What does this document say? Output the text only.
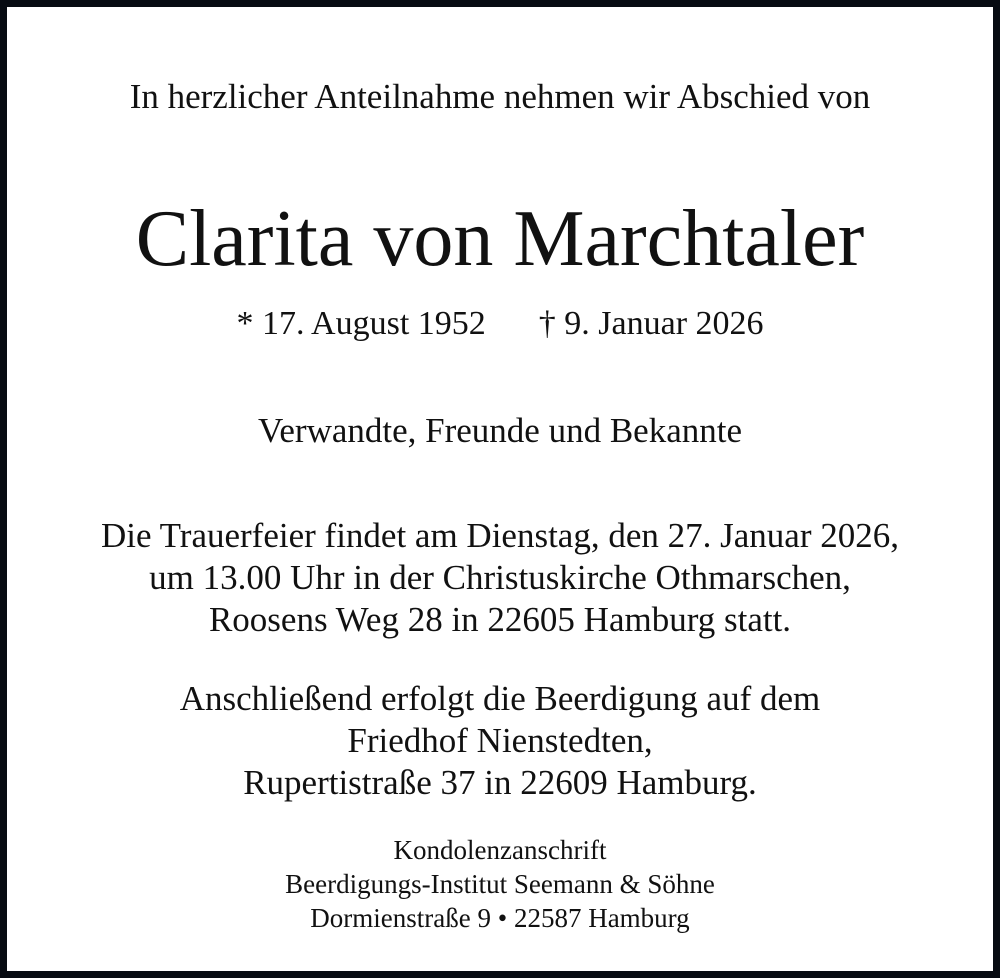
In herzlicher Anteilnahme nehmen wir Abschied von
Clarita von Marchtaler
* 17. August 1952 † 9. Januar 2026
Verwandte, Freunde und Bekannte
Die Trauerfeier findet am Dienstag, den 27. Januar 2026,
um 13.00 Uhr in der Christuskirche Othmarschen,
Roosens Weg 28 in 22605 Hamburg statt.
Anschließend erfolgt die Beerdigung auf dem
Friedhof Nienstedten,
Rupertistraße 37 in 22609 Hamburg.
Kondolenzanschrift
Beerdigungs-Institut Seemann & Söhne
Dormienstraße 9 • 22587 Hamburg
